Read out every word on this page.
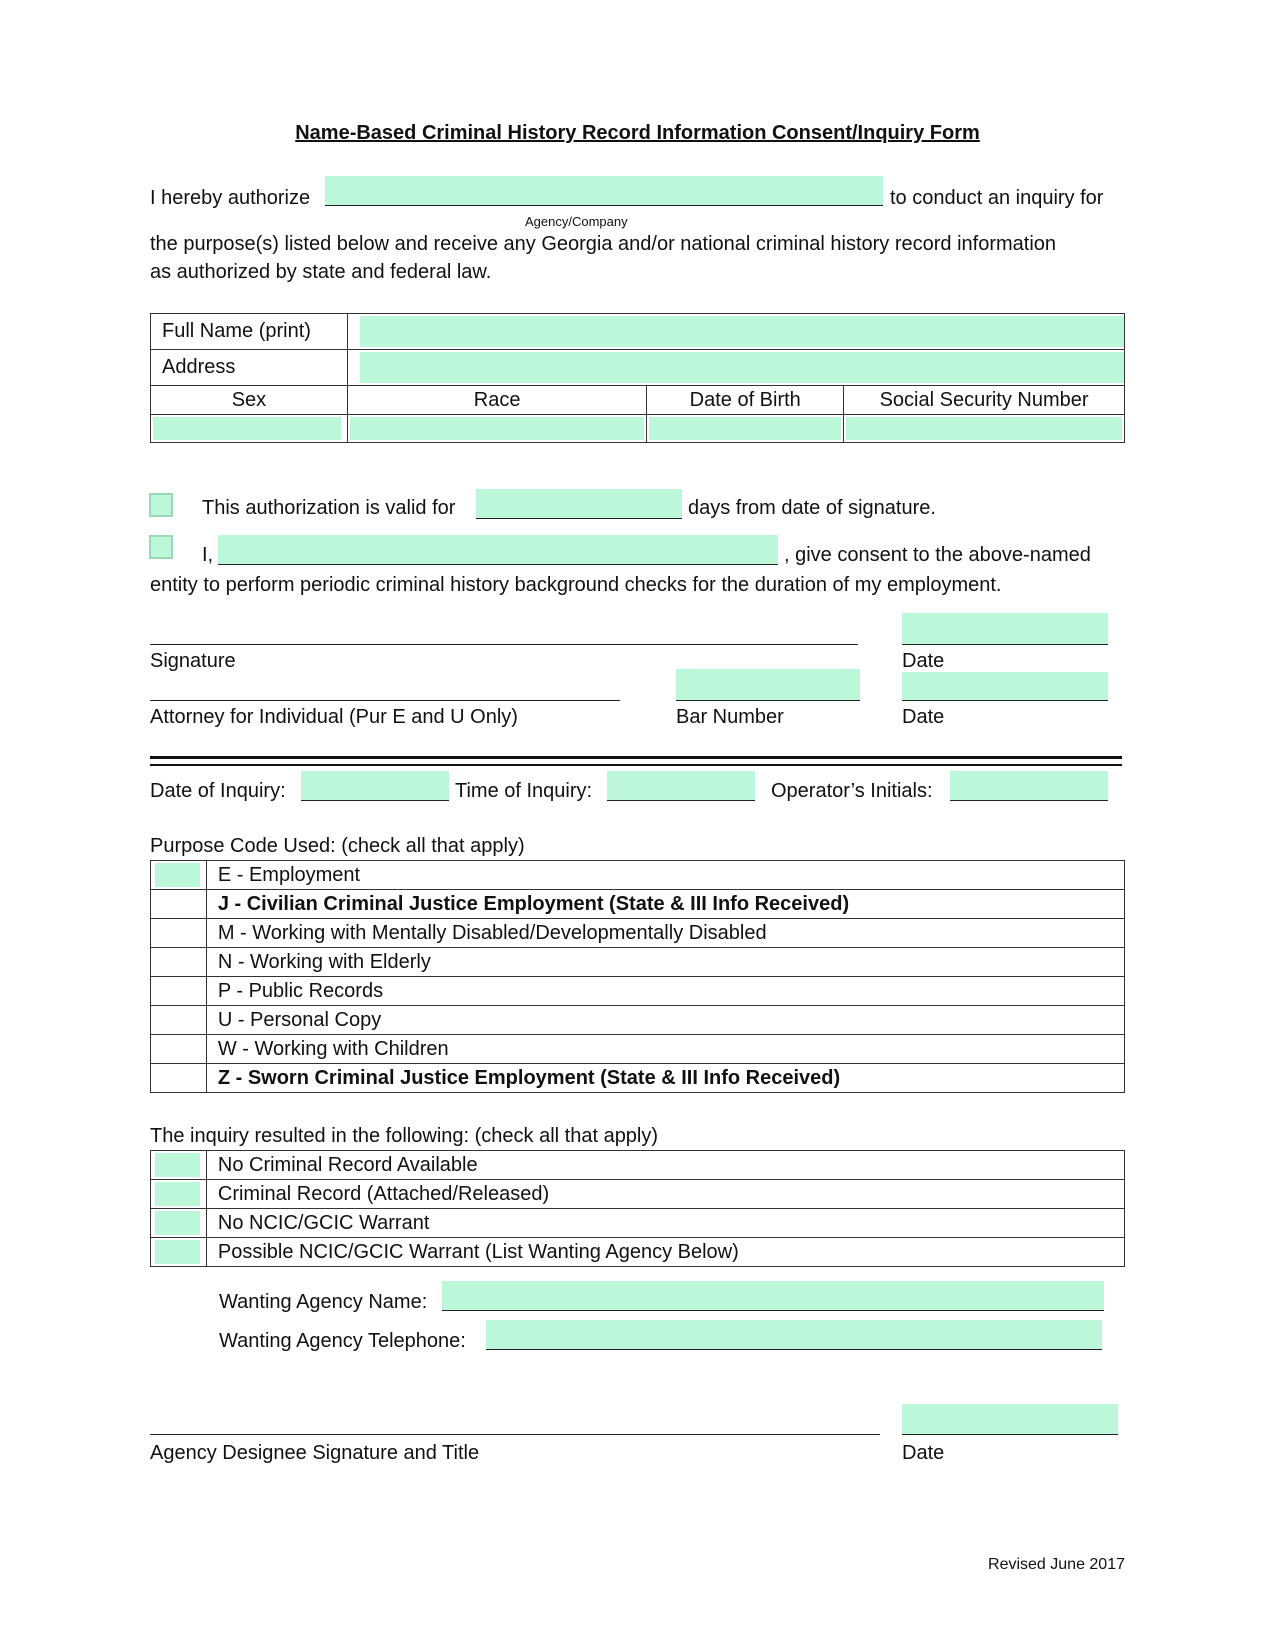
Name-Based Criminal History Record Information Consent/Inquiry Form
I hereby authorize	to conduct an inquiry for
Agency/Company
the purpose(s) listed below and receive any Georgia and/or national criminal history record information
as authorized by state and federal law.
Full Name (print)			

Address			

Sex	Race	Date of Birth	Social Security Number

This authorization is valid for	days from date of signature.
I,	, give consent to the above-named
entity to perform periodic criminal history background checks for the duration of my employment.
Signature	Date
Attorney for Individual (Pur E and U Only)	Bar Number	Date
Date of Inquiry:	Time of Inquiry:	Operator’s Initials:
Purpose Code Used: (check all that apply)
	E - Employment
	J - Civilian Criminal Justice Employment (State & III Info Received)
	M - Working with Mentally Disabled/Developmentally Disabled
	N - Working with Elderly
	P - Public Records
	U - Personal Copy
	W - Working with Children
	Z - Sworn Criminal Justice Employment (State & III Info Received)
The inquiry resulted in the following: (check all that apply)
	No Criminal Record Available

	Criminal Record (Attached/Released)

	No NCIC/GCIC Warrant

	Possible NCIC/GCIC Warrant (List Wanting Agency Below)
Wanting Agency Name:
Wanting Agency Telephone:
Agency Designee Signature and Title	Date
Revised June 2017
